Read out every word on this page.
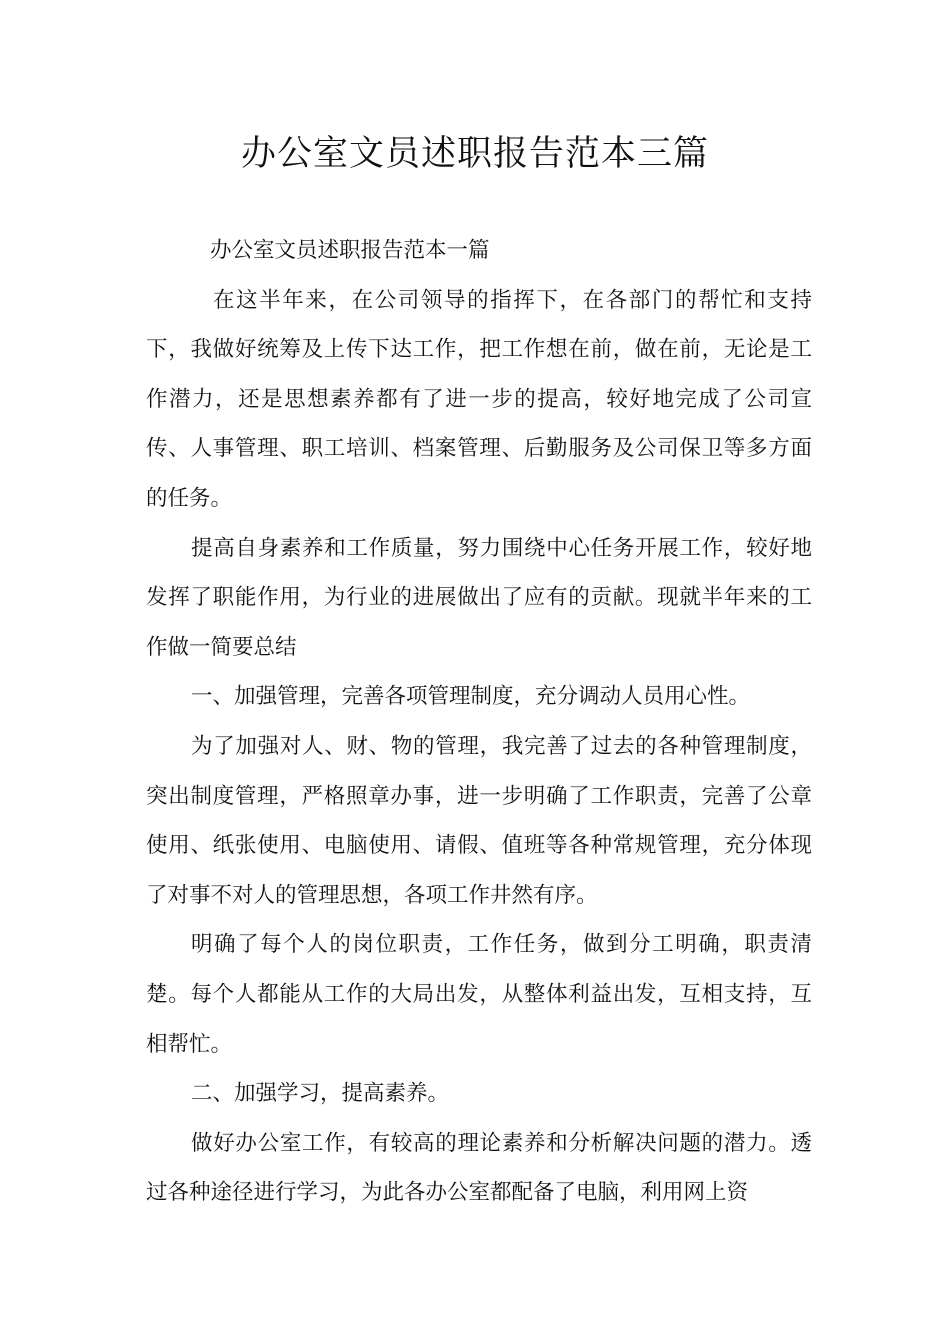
办公室文员述职报告范本三篇

办公室文员述职报告范本一篇

在这半年来，在公司领导的指挥下，在各部门的帮忙和支持下，我做好统筹及上传下达工作，把工作想在前，做在前，无论是工作潜力，还是思想素养都有了进一步的提高，较好地完成了公司宣传、人事管理、职工培训、档案管理、后勤服务及公司保卫等多方面的任务。

提高自身素养和工作质量，努力围绕中心任务开展工作，较好地发挥了职能作用，为行业的进展做出了应有的贡献。现就半年来的工作做一简要总结

一、加强管理，完善各项管理制度，充分调动人员用心性。

为了加强对人、财、物的管理，我完善了过去的各种管理制度，突出制度管理，严格照章办事，进一步明确了工作职责，完善了公章使用、纸张使用、电脑使用、请假、值班等各种常规管理，充分体现了对事不对人的管理思想，各项工作井然有序。

明确了每个人的岗位职责，工作任务，做到分工明确，职责清楚。每个人都能从工作的大局出发，从整体利益出发，互相支持，互相帮忙。

二、加强学习，提高素养。

做好办公室工作，有较高的理论素养和分析解决问题的潜力。透过各种途径进行学习，为此各办公室都配备了电脑，利用网上资
